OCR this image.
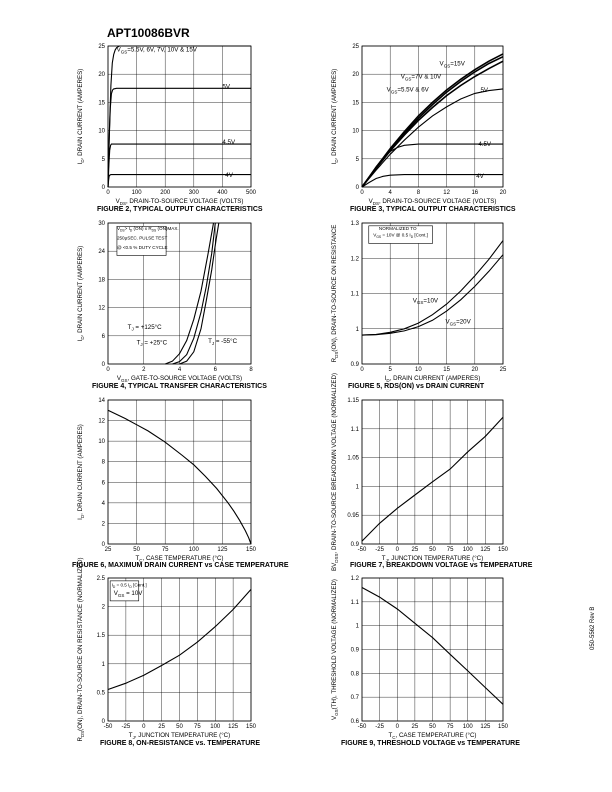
APT10086BVR
0	100	200	300	400	500
0
5
10
15
20
25
$V_{DS}$, DRAIN-TO-SOURCE VOLTAGE (VOLTS)
$I_D$, DRAIN CURRENT (AMPERES)
$V_{GS}=5.5V$, 6V, 7V, 10V & 15V
5V
4.5V
4V
0	4	8	12	16	20
0
5
10
15
20
25
$V_{DS}$, DRAIN-TO-SOURCE VOLTAGE (VOLTS)
$I_D$, DRAIN CURRENT (AMPERES)
$V_{GS}=15V$
$V_{GS}=7V$ & 10V
$V_{GS}=5.5V$ & 6V	5V
4.5V
4V
0	2	4	6	8
0
6
12
18
24
30
$V_{GS}$, GATE-TO-SOURCE VOLTAGE (VOLTS)
$I_D$, DRAIN CURRENT (AMPERES)
$V_{DS}> I_D$ (ON) x $R_{DS}$ (ON)MAX.
250μSEC. PULSE TEST
@ <0.5 % DUTY CYCLE
$T_J = +125^\circ C$
$T_J = +25^\circ C$	$T_J = -55^\circ C$
0	5	10	15	20	25
0.9
1
1.1
1.2
1.3
$I_D$, DRAIN CURRENT (AMPERES)
$R_{DS}(ON)$, DRAIN-TO-SOURCE ON RESISTANCE	NORMALIZED TO
$V_{GS} = 10V$ @ 0.5 $I_D$ [Cont.]
$V_{GS}=10V$
$V_{GS}=20V$
25	50	75	100	125	150
0
2
4
6
8
10
12
14
$T_C$, CASE TEMPERATURE (°C)
$I_D$, DRAIN CURRENT (AMPERES)
-50 -25 0 25 50 75 100 125 150
0.9
0.95
1
1.05
1.1
1.15
$T_J$, JUNCTION TEMPERATURE (°C)
$BV_{DSS}$, DRAIN-TO-SOURCE BREAKDOWN VOLTAGE (NORMALIZED)
-50 -25 0 25 50 75 100 125 150
0
0.5
1
1.5
2
2.5
$T_J$, JUNCTION TEMPERATURE (°C)
$R_{DS}(ON)$, DRAIN-TO-SOURCE ON RESISTANCE (NORMALIZED)	$I_D = 0.5$ $I_D$ [Cont.]
$V_{GS} = 10V$
-50 -25 0 25 50 75 100 125 150
0.6
0.7
0.8
0.9
1
1.1
1.2
$T_C$, CASE TEMPERATURE (°C)
$V_{GS}(TH)$, THRESHOLD VOLTAGE (NORMALIZED)	050-5562 Rev B
FIGURE 2, TYPICAL OUTPUT CHARACTERISTICS	FIGURE 3, TYPICAL OUTPUT CHARACTERISTICS
FIGURE 4, TYPICAL TRANSFER CHARACTERISTICS	FIGURE 5, RDS(ON) vs DRAIN CURRENT
FIGURE 6, MAXIMUM DRAIN CURRENT vs CASE TEMPERATURE	FIGURE 7, BREAKDOWN VOLTAGE vs TEMPERATURE
FIGURE 8, ON-RESISTANCE vs. TEMPERATURE	FIGURE 9, THRESHOLD VOLTAGE vs TEMPERATURE
